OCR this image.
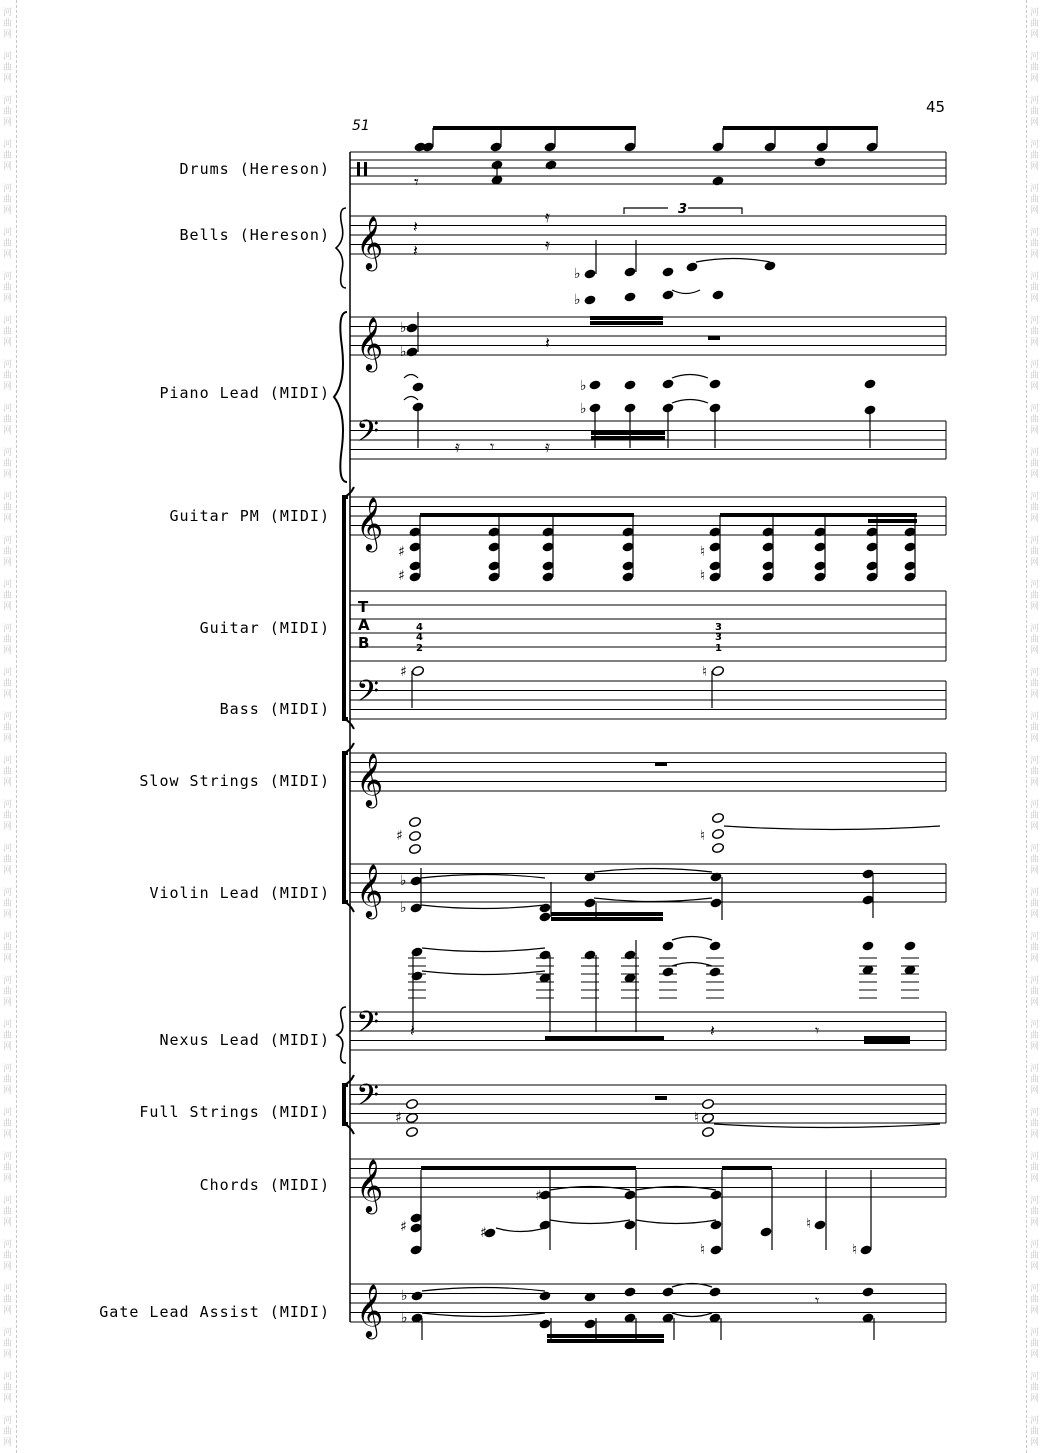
河
曲
网
河
曲
网
河
曲
网
河
曲
网
河
曲
网
河
曲
网
河
曲
网
河
曲
网
河
曲
网
河
曲
网
河
曲
网
河
曲
网
河
曲
网
河
曲
网
河
曲
网
河
曲
网
河
曲
网
河
曲
网
河
曲
网
河
曲
网
河
曲
网
河
曲
网
河
曲
网
河
曲
网
河
曲
网
河
曲
网
河
曲
网
河
曲
网
河
曲
网
河
曲
网
河
曲
网
河
曲
网
河
曲
网
河
曲
网
河
曲
网
河
曲
网
河
曲
网
河
曲
网
河
曲
网
河
曲
网
河
曲
网
河
曲
网
河
曲
网
河
曲
网
河
曲
网
河
曲
网
河
曲
网
河
曲
网
河
曲
网
河
曲
网
河
曲
网
河
曲
网
河
曲
网
河
曲
网
河
曲
网
河
曲
网
河
曲
网
河
曲
网
河
曲
网
河
曲
网
河
曲
网
河
曲
网
河
曲
网
河
曲
网
河
曲
网
河
曲
网
45
51
Drums (Hereson)
Bells (Hereson)
Piano Lead (MIDI)
Guitar PM (MIDI)
Guitar (MIDI)
Bass (MIDI)
Slow Strings (MIDI)
Violin Lead (MIDI)
Nexus Lead (MIDI)
Full Strings (MIDI)
Chords (MIDI)
Gate Lead Assist (MIDI)
𝄞
𝄞
𝄞
𝄞
𝄞
𝄞
𝄞
𝄢
𝄢
𝄢
𝄢
𝄾
𝄽
𝄽
𝄿
𝄿
♭
♭
♭
♭	𝄽
♭
♭
𝄿 𝄾	𝄿
♯
♯
♮
♮
♯	♮
♯	♮
♭
♭
𝄽	𝄽	𝄾
♯	♮
♯	♯
♯
♮
♮
♮
♭
♭
𝄾
T
A
B
4
4
2
3
3
1
3
